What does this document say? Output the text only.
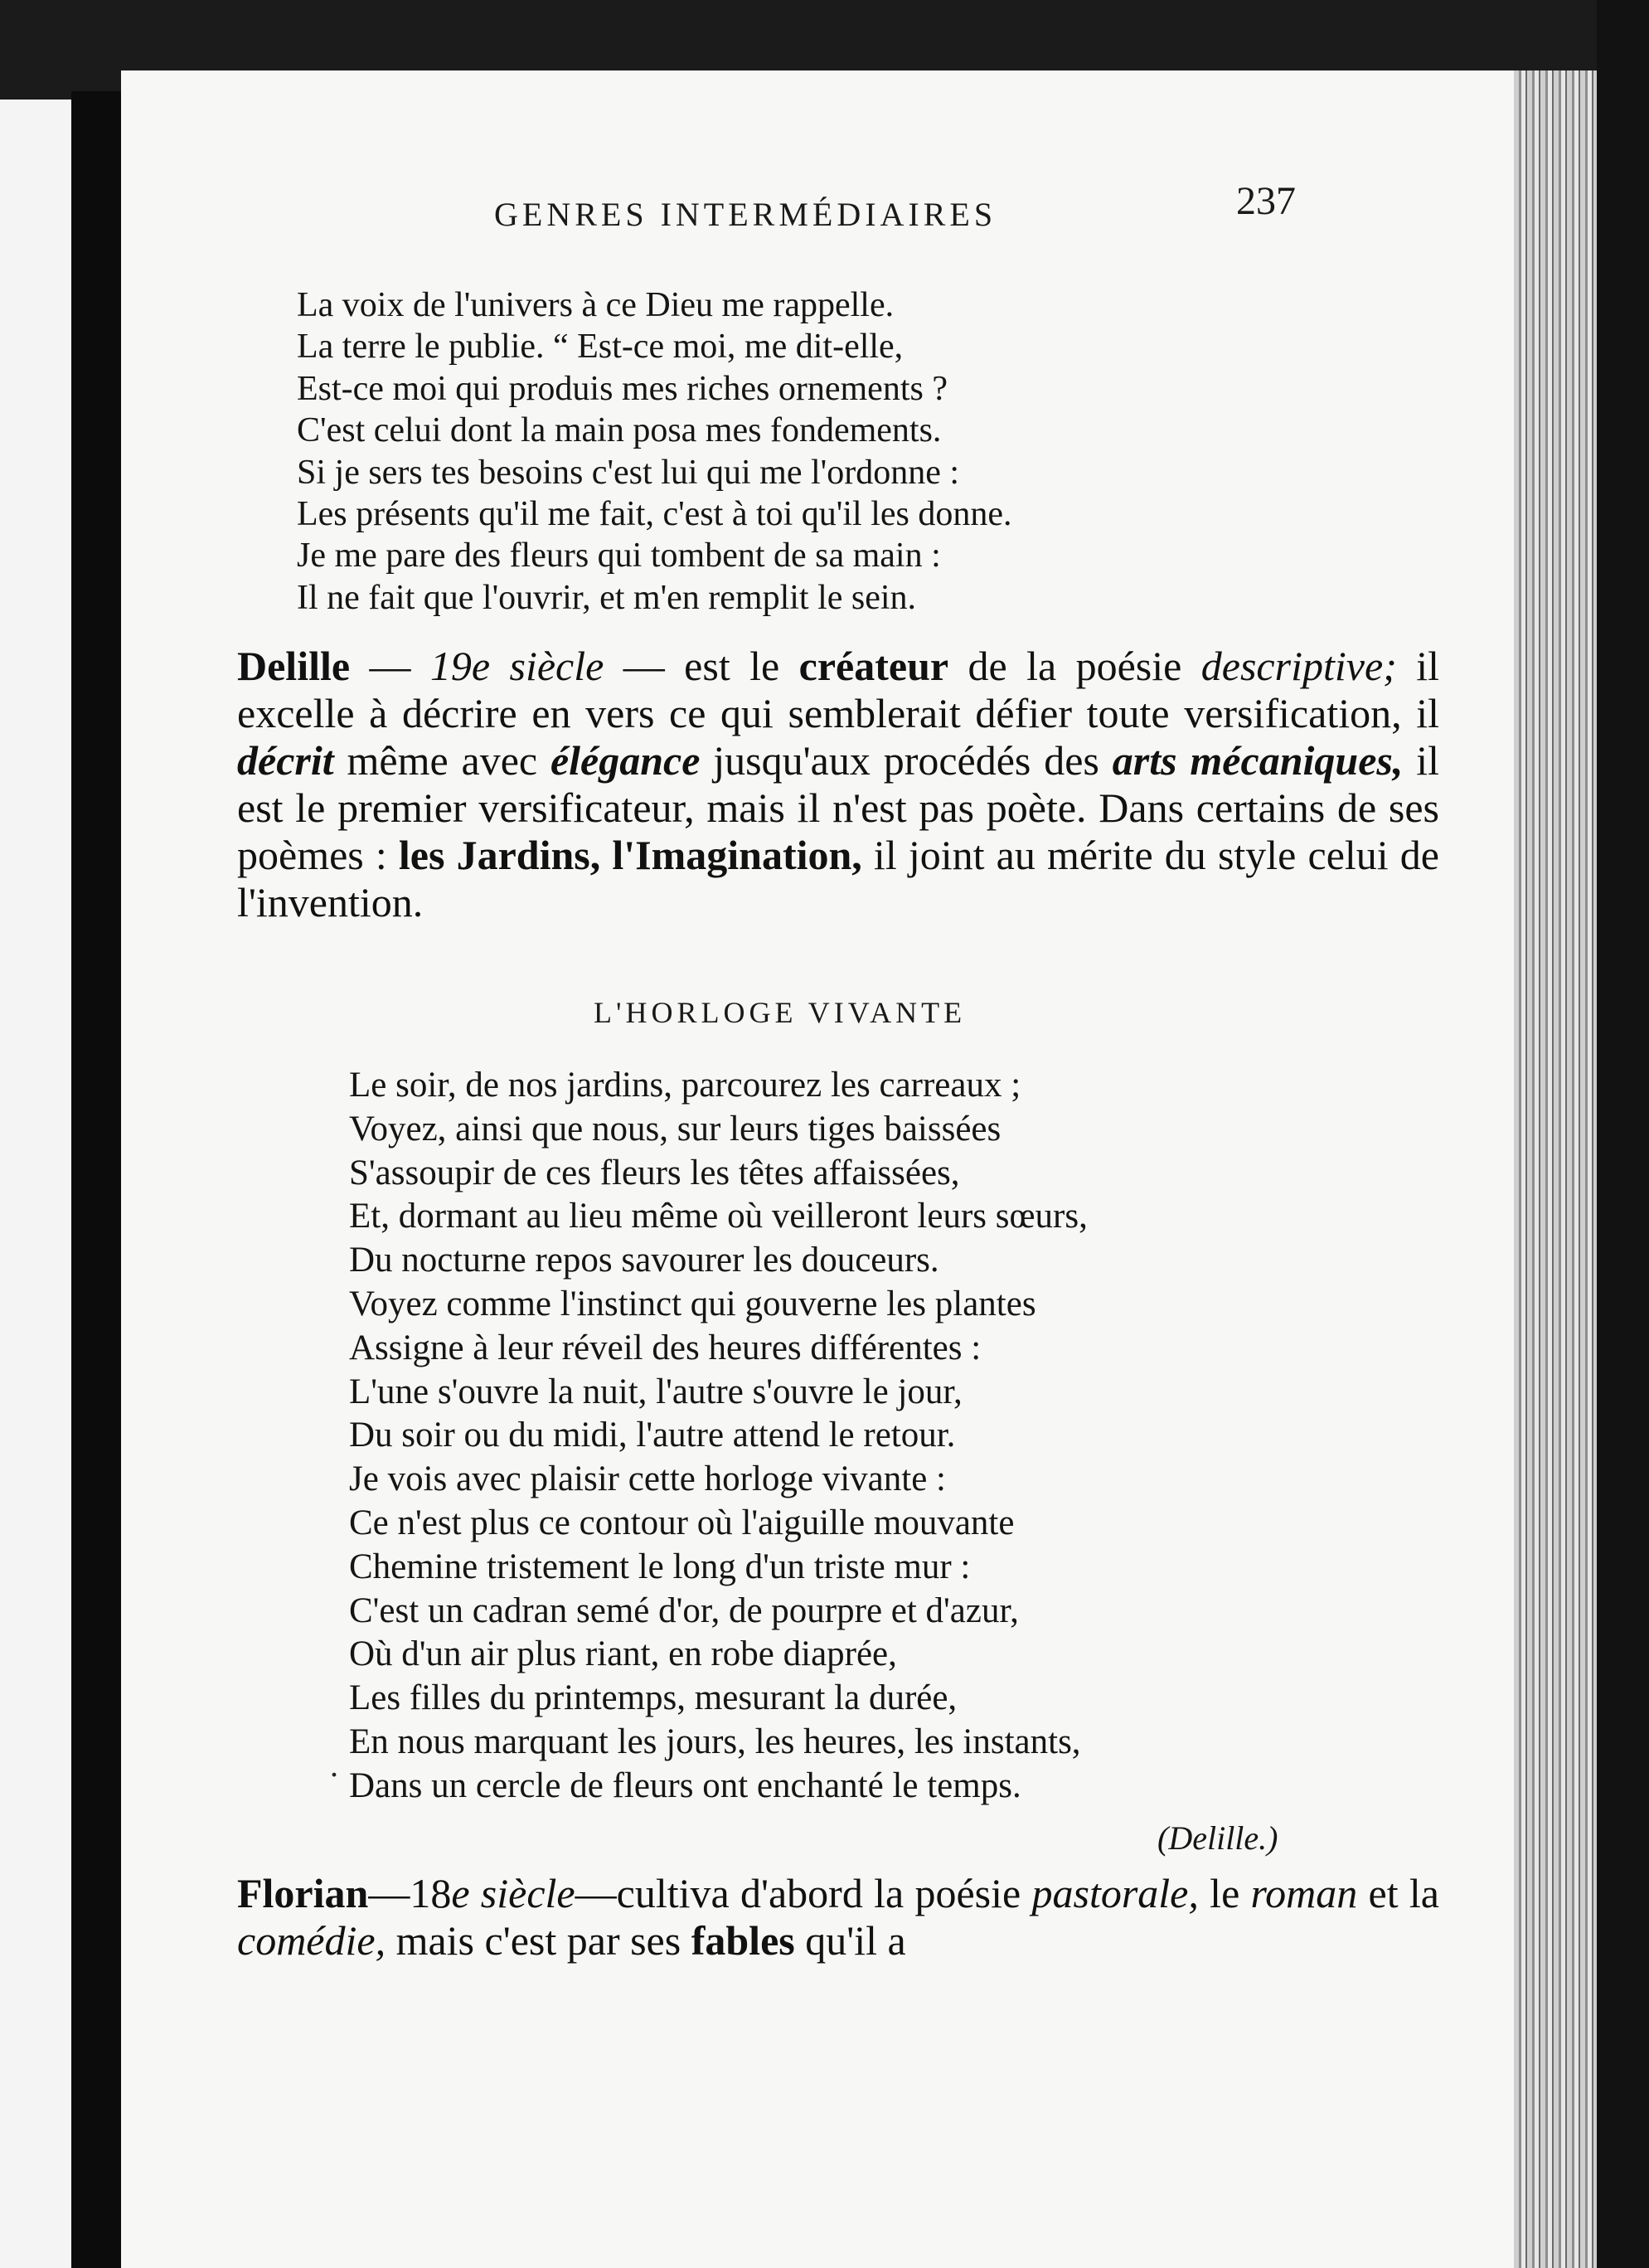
GENRES INTERMÉDIAIRES	237
La voix de l'univers à ce Dieu me rappelle.
La terre le publie. “ Est-ce moi, me dit-elle,
Est-ce moi qui produis mes riches ornements ?
C'est celui dont la main posa mes fondements.
Si je sers tes besoins c'est lui qui me l'ordonne :
Les présents qu'il me fait, c'est à toi qu'il les donne.
Je me pare des fleurs qui tombent de sa main :
Il ne fait que l'ouvrir, et m'en remplit le sein.
Delille — 19e siècle — est le créateur de la poésie descriptive; il excelle à décrire en vers ce qui semblerait défier toute versification, il décrit même avec élégance jusqu'aux procédés des arts mécaniques, il est le premier versificateur, mais il n'est pas poète. Dans certains de ses poèmes : les Jardins, l'Imagination, il joint au mérite du style celui de l'invention.
L'HORLOGE VIVANTE
Le soir, de nos jardins, parcourez les carreaux ;
Voyez, ainsi que nous, sur leurs tiges baissées
S'assoupir de ces fleurs les têtes affaissées,
Et, dormant au lieu même où veilleront leurs sœurs,
Du nocturne repos savourer les douceurs.
Voyez comme l'instinct qui gouverne les plantes
Assigne à leur réveil des heures différentes :
L'une s'ouvre la nuit, l'autre s'ouvre le jour,
Du soir ou du midi, l'autre attend le retour.
Je vois avec plaisir cette horloge vivante :
Ce n'est plus ce contour où l'aiguille mouvante
Chemine tristement le long d'un triste mur :
C'est un cadran semé d'or, de pourpre et d'azur,
Où d'un air plus riant, en robe diaprée,
Les filles du printemps, mesurant la durée,
En nous marquant les jours, les heures, les instants,
Dans un cercle de fleurs ont enchanté le temps.
.
(Delille.)
Florian—18e siècle—cultiva d'abord la poésie pastorale, le roman et la comédie, mais c'est par ses fables qu'il a
